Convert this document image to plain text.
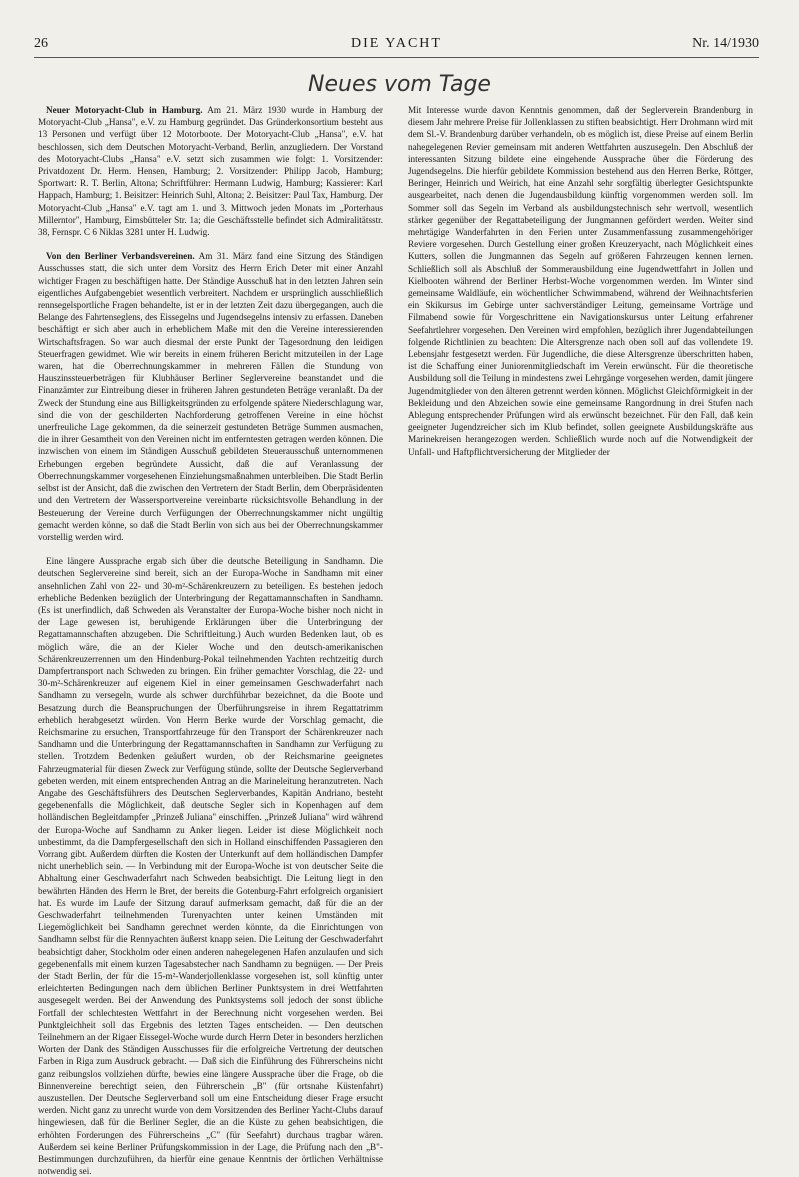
26	DIE YACHT	Nr. 14/1930
Neues vom Tage

Neuer Motoryacht-Club in Hamburg. Am 21. März 1930 wurde in Hamburg der Motoryacht-Club „Hansa", e.V. zu Hamburg gegründet. Das Gründerkonsortium besteht aus 13 Personen und verfügt über 12 Motorboote. Der Motoryacht-Club „Hansa", e.V. hat beschlossen, sich dem Deutschen Motoryacht-Verband, Berlin, anzugliedern. Der Vorstand des Motoryacht-Clubs „Hansa" e.V. setzt sich zusammen wie folgt: 1. Vorsitzender: Privatdozent Dr. Herm. Hensen, Hamburg; 2. Vorsitzender: Philipp Jacob, Hamburg; Sportwart: R. T. Berlin, Altona; Schriftführer: Hermann Ludwig, Hamburg; Kassierer: Karl Happach, Hamburg; 1. Beisitzer: Heinrich Suhl, Altona; 2. Beisitzer: Paul Tax, Hamburg. Der Motoryacht-Club „Hansa" e.V. tagt am 1. und 3. Mittwoch jeden Monats im „Porterhaus Millerntor", Hamburg, Eimsbütteler Str. 1a; die Geschäftsstelle befindet sich Admiralitätsstr. 38, Fernspr. C 6 Niklas 3281 unter H. Ludwig.

Von den Berliner Verbandsvereinen. Am 31. März fand eine Sitzung des Ständigen Ausschusses statt, die sich unter dem Vorsitz des Herrn Erich Deter mit einer Anzahl wichtiger Fragen zu beschäftigen hatte. Der Ständige Ausschuß hat in den letzten Jahren sein eigentliches Aufgabengebiet wesentlich verbreitert. Nachdem er ursprünglich ausschließlich rennsegelsportliche Fragen behandelte, ist er in der letzten Zeit dazu übergegangen, auch die Belange des Fahrtenseglens, des Eissegelns und Jugendsegelns intensiv zu erfassen. Daneben beschäftigt er sich aber auch in erheblichem Maße mit den die Vereine interessierenden Wirtschaftsfragen. So war auch diesmal der erste Punkt der Tagesordnung den leidigen Steuerfragen gewidmet. Wie wir bereits in einem früheren Bericht mitzuteilen in der Lage waren, hat die Oberrechnungskammer in mehreren Fällen die Stundung von Hauszinssteuerbeträgen für Klubhäuser Berliner Seglervereine beanstandet und die Finanzämter zur Eintreibung dieser in früheren Jahren gestundeten Beträge veranlaßt. Da der Zweck der Stundung eine aus Billigkeitsgründen zu erfolgende spätere Niederschlagung war, sind die von der geschilderten Nachforderung getroffenen Vereine in eine höchst unerfreuliche Lage gekommen, da die seinerzeit gestundeten Beträge Summen ausmachen, die in ihrer Gesamtheit von den Vereinen nicht im entferntesten getragen werden können. Die inzwischen von einem im Ständigen Ausschuß gebildeten Steuerausschuß unternommenen Erhebungen ergeben begründete Aussicht, daß die auf Veranlassung der Oberrechnungskammer vorgesehenen Einziehungsmaßnahmen unterbleiben. Die Stadt Berlin selbst ist der Ansicht, daß die zwischen den Vertretern der Stadt Berlin, dem Oberpräsidenten und den Vertretern der Wassersportvereine vereinbarte rücksichtsvolle Behandlung in der Besteuerung der Vereine durch Verfügungen der Oberrechnungskammer nicht ungültig gemacht werden könne, so daß die Stadt Berlin von sich aus bei der Oberrechnungskammer vorstellig werden wird.

Eine längere Aussprache ergab sich über die deutsche Beteiligung in Sandhamn. Die deutschen Seglervereine sind bereit, sich an der Europa-Woche in Sandhamn mit einer ansehnlichen Zahl von 22- und 30-m²-Schärenkreuzern zu beteiligen. Es bestehen jedoch erhebliche Bedenken bezüglich der Unterbringung der Regattamannschaften in Sandhamn. (Es ist unerfindlich, daß Schweden als Veranstalter der Europa-Woche bisher noch nicht in der Lage gewesen ist, beruhigende Erklärungen über die Unterbringung der Regattamannschaften abzugeben. Die Schriftleitung.) Auch wurden Bedenken laut, ob es möglich wäre, die an der Kieler Woche und den deutsch-amerikanischen Schärenkreuzerrennen um den Hindenburg-Pokal teilnehmenden Yachten rechtzeitig durch Dampfertransport nach Schweden zu bringen. Ein früher gemachter Vorschlag, die 22- und 30-m²-Schärenkreuzer auf eigenem Kiel in einer gemeinsamen Geschwaderfahrt nach Sandhamn zu versegeln, wurde als schwer durchführbar bezeichnet, da die Boote und Besatzung durch die Beanspruchungen der Überführungsreise in ihrem Regattatrimm erheblich herabgesetzt würden. Von Herrn Berke wurde der Vorschlag gemacht, die Reichsmarine zu ersuchen, Transportfahrzeuge für den Transport der Schärenkreuzer nach Sandhamn und die Unterbringung der Regattamannschaften in Sandhamn zur Verfügung zu stellen. Trotzdem Bedenken geäußert wurden, ob der Reichsmarine geeignetes Fahrzeugmaterial für diesen Zweck zur Verfügung stünde, sollte der Deutsche Seglerverband gebeten werden, mit einem entsprechenden Antrag an die Marineleitung heranzutreten. Nach Angabe des Geschäftsführers des Deutschen Seglerverbandes, Kapitän Andriano, besteht gegebenenfalls die Möglichkeit, daß deutsche Segler sich in Kopenhagen auf dem holländischen Begleitdampfer „Prinzeß Juliana" einschiffen. „Prinzeß Juliana" wird während der Europa-Woche auf Sandhamn zu Anker liegen. Leider ist diese Möglichkeit noch unbestimmt, da die Dampfergesellschaft den sich in Holland einschiffenden Passagieren den Vorrang gibt. Außerdem dürften die Kosten der Unterkunft auf dem holländischen Dampfer nicht unerheblich sein. — In Verbindung mit der Europa-Woche ist von deutscher Seite die Abhaltung einer Geschwaderfahrt nach Schweden beabsichtigt. Die Leitung liegt in den bewährten Händen des Herrn le Bret, der bereits die Gotenburg-Fahrt erfolgreich organisiert hat. Es wurde im Laufe der Sitzung darauf aufmerksam gemacht, daß für die an der Geschwaderfahrt teilnehmenden Turenyachten unter keinen Umständen mit Liegemöglichkeit bei Sandhamn gerechnet werden könnte, da die Einrichtungen von Sandhamn selbst für die Rennyachten äußerst knapp seien. Die Leitung der Geschwaderfahrt beabsichtigt daher, Stockholm oder einen anderen nahegelegenen Hafen anzulaufen und sich gegebenenfalls mit einem kurzen Tagesabstecher nach Sandhamn zu begnügen. — Der Preis der Stadt Berlin, der für die 15-m²-Wanderjollenklasse vorgesehen ist, soll künftig unter erleichterten Bedingungen nach dem üblichen Berliner Punktsystem in drei Wettfahrten ausgesegelt werden. Bei der Anwendung des Punktsystems soll jedoch der sonst übliche Fortfall der schlechtesten Wettfahrt in der Berechnung nicht vorgesehen werden. Bei Punktgleichheit soll das Ergebnis des letzten Tages entscheiden. — Den deutschen Teilnehmern an der Rigaer Eissegel-Woche wurde durch Herrn Deter in besonders herzlichen Worten der Dank des Ständigen Ausschusses für die erfolgreiche Vertretung der deutschen Farben in Riga zum Ausdruck gebracht. — Daß sich die Einführung des Führerscheins nicht ganz reibungslos vollziehen dürfte, bewies eine längere Aussprache über die Frage, ob die Binnenvereine berechtigt seien, den Führerschein „B" (für ortsnahe Küstenfahrt) auszustellen. Der Deutsche Seglerverband soll um eine Entscheidung dieser Frage ersucht werden. Nicht ganz zu unrecht wurde von dem Vorsitzenden des Berliner Yacht-Clubs darauf hingewiesen, daß für die Berliner Segler, die an die Küste zu gehen beabsichtigen, die erhöhten Forderungen des Führerscheins „C" (für Seefahrt) durchaus tragbar wären. Außerdem sei keine Berliner Prüfungskommission in der Lage, die Prüfung nach den „B"-Bestimmungen durchzuführen, da hierfür eine genaue Kenntnis der örtlichen Verhältnisse notwendig sei.

Mit Interesse wurde davon Kenntnis genommen, daß der Seglerverein Brandenburg in diesem Jahr mehrere Preise für Jollenklassen zu stiften beabsichtigt. Herr Drohmann wird mit dem Sl.-V. Brandenburg darüber verhandeln, ob es möglich ist, diese Preise auf einem Berlin nahegelegenen Revier gemeinsam mit anderen Wettfahrten auszusegeln. Den Abschluß der interessanten Sitzung bildete eine eingehende Aussprache über die Förderung des Jugendsegelns. Die hierfür gebildete Kommission bestehend aus den Herren Berke, Röttger, Beringer, Heinrich und Weirich, hat eine Anzahl sehr sorgfältig überlegter Gesichtspunkte ausgearbeitet, nach denen die Jugendausbildung künftig vorgenommen werden soll. Im Sommer soll das Segeln im Verband als ausbildungstechnisch sehr wertvoll, wesentlich stärker gegenüber der Regattabeteiligung der Jungmannen gefördert werden. Weiter sind mehrtägige Wanderfahrten in den Ferien unter Zusammenfassung zusammengehöriger Reviere vorgesehen. Durch Gestellung einer großen Kreuzeryacht, nach Möglichkeit eines Kutters, sollen die Jungmannen das Segeln auf größeren Fahrzeugen kennen lernen. Schließlich soll als Abschluß der Sommerausbildung eine Jugendwettfahrt in Jollen und Kielbooten während der Berliner Herbst-Woche vorgenommen werden. Im Winter sind gemeinsame Waldläufe, ein wöchentlicher Schwimmabend, während der Weihnachtsferien ein Skikursus im Gebirge unter sachverständiger Leitung, gemeinsame Vorträge und Filmabend sowie für Vorgeschrittene ein Navigationskursus unter Leitung erfahrener Seefahrtlehrer vorgesehen. Den Vereinen wird empfohlen, bezüglich ihrer Jugendabteilungen folgende Richtlinien zu beachten: Die Altersgrenze nach oben soll auf das vollendete 19. Lebensjahr festgesetzt werden. Für Jugendliche, die diese Altersgrenze überschritten haben, ist die Schaffung einer Juniorenmitgliedschaft im Verein erwünscht. Für die theoretische Ausbildung soll die Teilung in mindestens zwei Lehrgänge vorgesehen werden, damit jüngere Jugendmitglieder von den älteren getrennt werden können. Möglichst Gleichförmigkeit in der Bekleidung und den Abzeichen sowie eine gemeinsame Rangordnung in drei Stufen nach Ablegung entsprechender Prüfungen wird als erwünscht bezeichnet. Für den Fall, daß kein geeigneter Jugendzreicher sich im Klub befindet, sollen geeignete Ausbildungskräfte aus Marinekreisen herangezogen werden. Schließlich wurde noch auf die Notwendigkeit der Unfall- und Haftpflichtversicherung der Mitglieder der
